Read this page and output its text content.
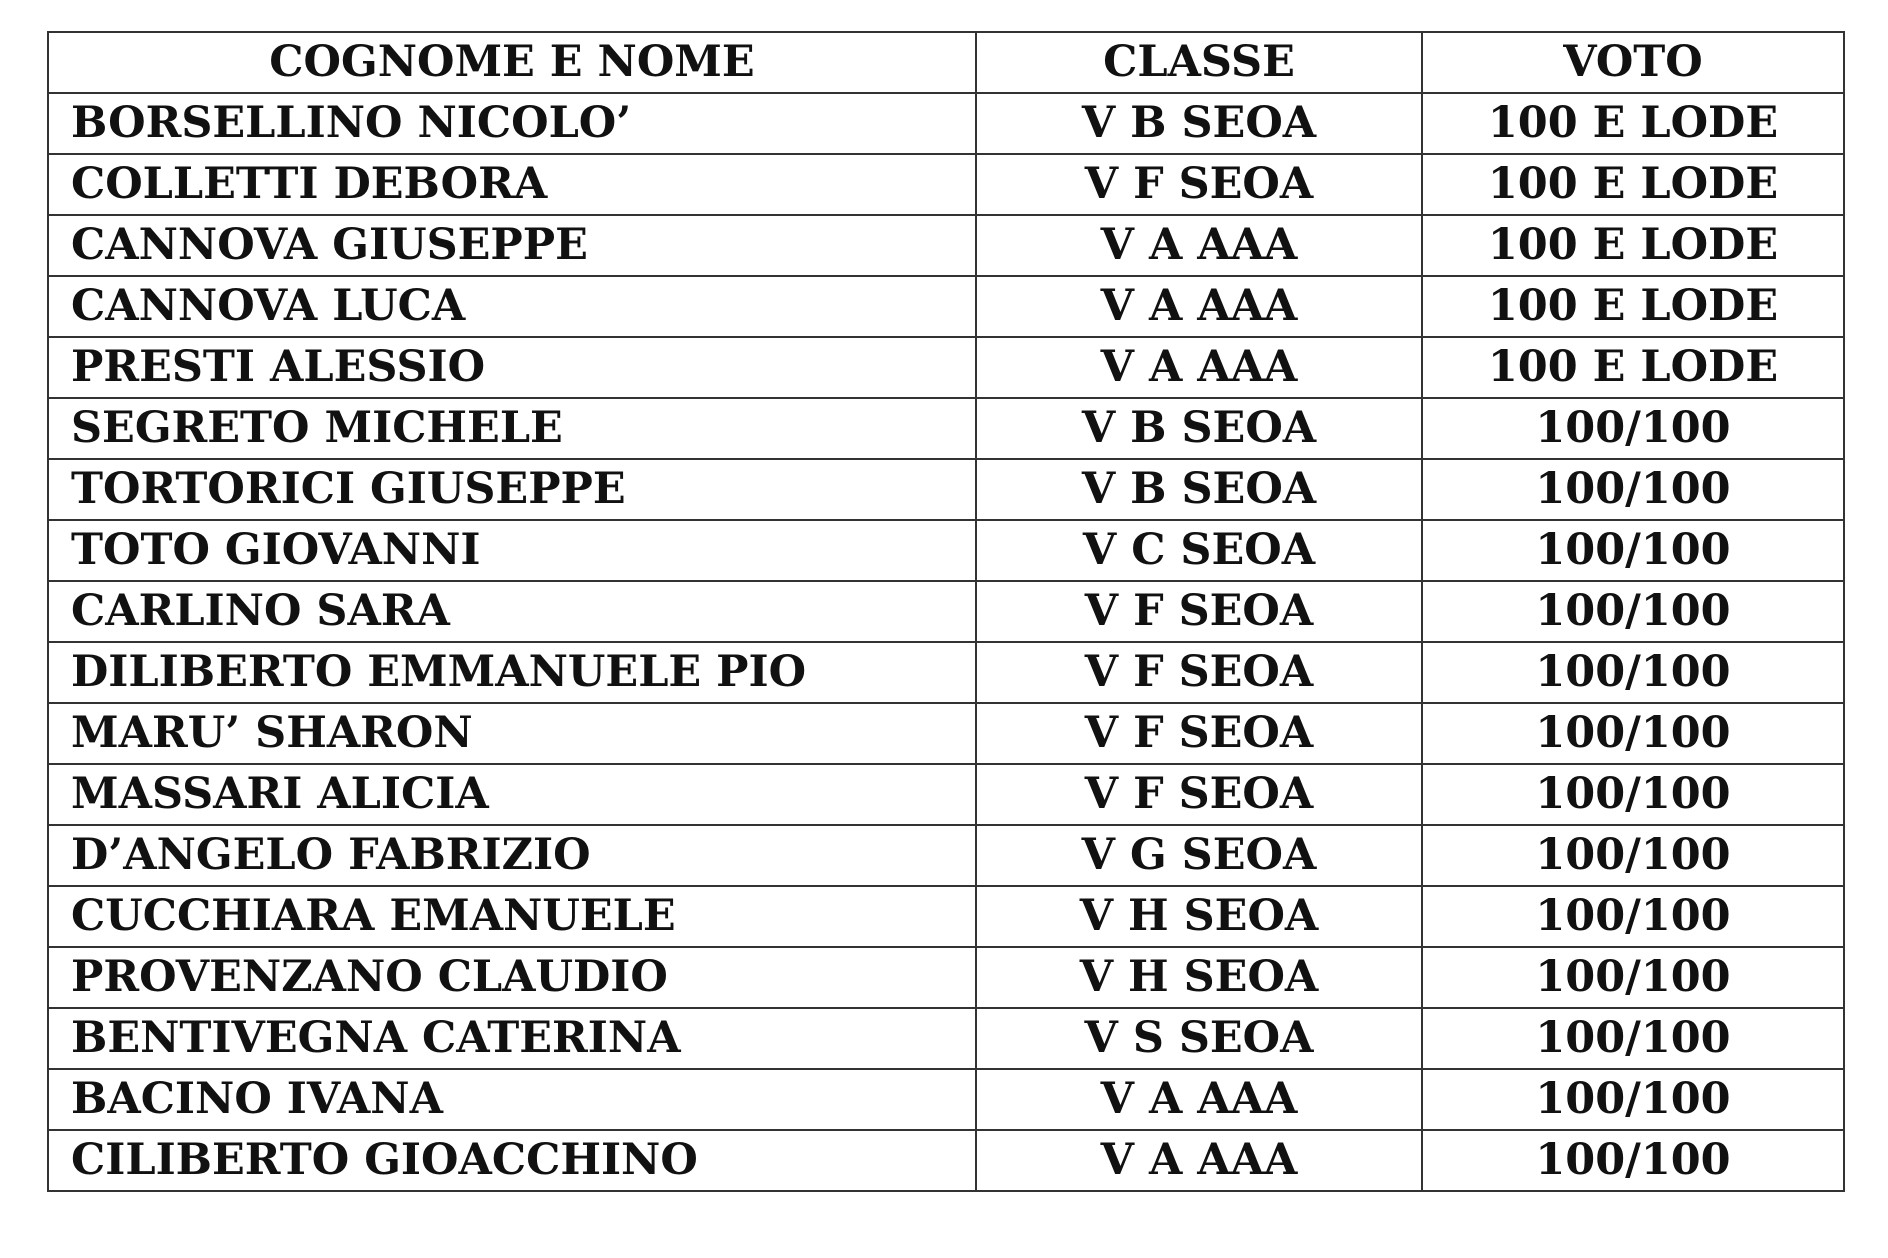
COGNOME E NOME	CLASSE	VOTO
BORSELLINO NICOLO’	V B SEOA	100 E LODE
COLLETTI DEBORA	V F SEOA	100 E LODE
CANNOVA GIUSEPPE	V A AAA	100 E LODE
CANNOVA LUCA	V A AAA	100 E LODE
PRESTI ALESSIO	V A AAA	100 E LODE
SEGRETO MICHELE	V B SEOA	100/100
TORTORICI GIUSEPPE	V B SEOA	100/100
TOTO GIOVANNI	V C SEOA	100/100
CARLINO SARA	V F SEOA	100/100
DILIBERTO EMMANUELE PIO	V F SEOA	100/100
MARU’ SHARON	V F SEOA	100/100
MASSARI ALICIA	V F SEOA	100/100
D’ANGELO FABRIZIO	V G SEOA	100/100
CUCCHIARA EMANUELE	V H SEOA	100/100
PROVENZANO CLAUDIO	V H SEOA	100/100
BENTIVEGNA CATERINA	V S SEOA	100/100
BACINO IVANA	V A AAA	100/100
CILIBERTO GIOACCHINO	V A AAA	100/100
